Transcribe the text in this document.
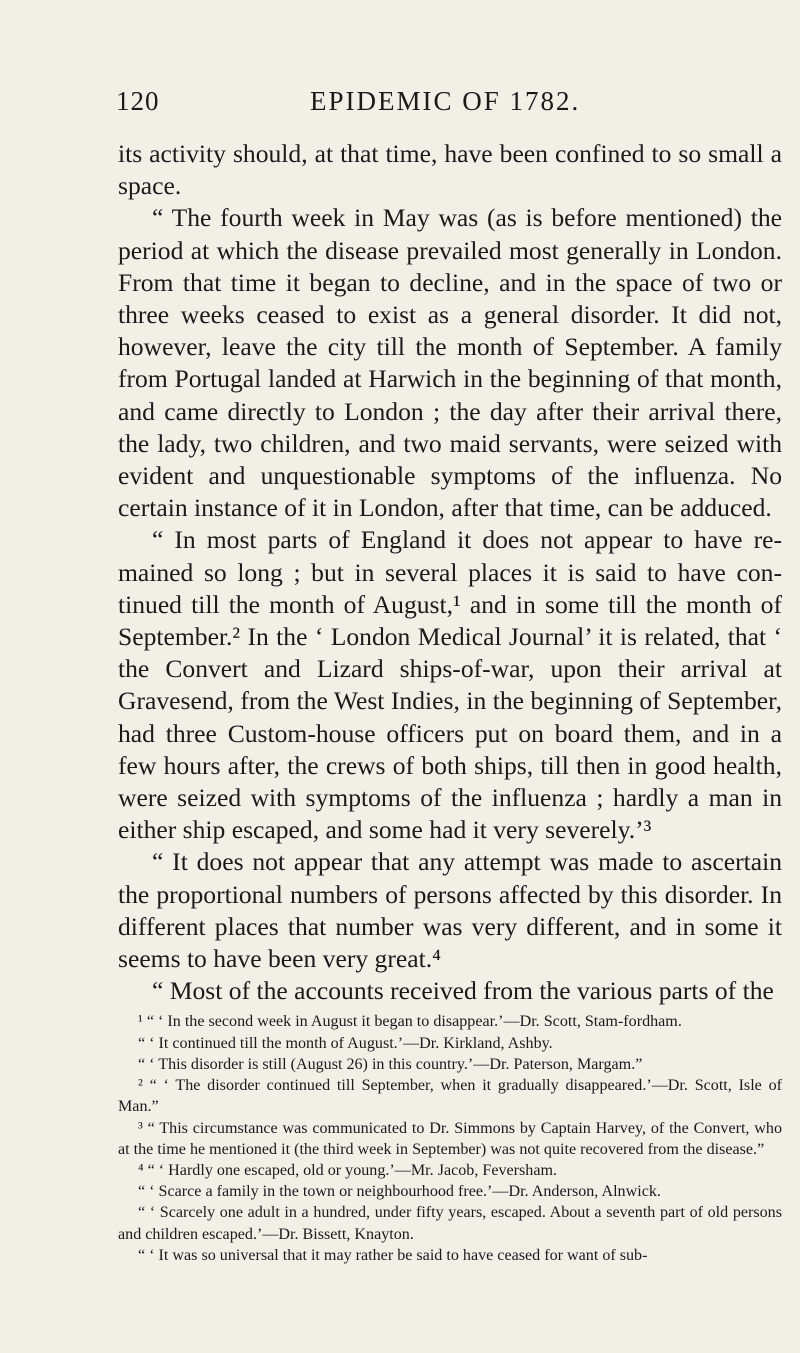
120	EPIDEMIC OF 1782.

its activity should, at that time, have been confined to so small a space.

“ The fourth week in May was (as is before mentioned) the period at which the disease prevailed most generally in London. From that time it began to decline, and in the space of two or three weeks ceased to exist as a general disorder. It did not, however, leave the city till the month of September. A family from Portugal landed at Harwich in the beginning of that month, and came directly to London ; the day after their arrival there, the lady, two children, and two maid servants, were seized with evident and unquestionable symptoms of the influenza. No certain instance of it in London, after that time, can be adduced.

“ In most parts of England it does not appear to have re-mained so long ; but in several places it is said to have con-tinued till the month of August,¹ and in some till the month of September.² In the ‘ London Medical Journal’ it is related, that ‘ the Convert and Lizard ships-of-war, upon their arrival at Gravesend, from the West Indies, in the beginning of September, had three Custom-house officers put on board them, and in a few hours after, the crews of both ships, till then in good health, were seized with symptoms of the influenza ; hardly a man in either ship escaped, and some had it very severely.’³

“ It does not appear that any attempt was made to ascertain the proportional numbers of persons affected by this disorder. In different places that number was very different, and in some it seems to have been very great.⁴

“ Most of the accounts received from the various parts of the

¹ “ ‘ In the second week in August it began to disappear.’—Dr. Scott, Stam-fordham.

“ ‘ It continued till the month of August.’—Dr. Kirkland, Ashby.

“ ‘ This disorder is still (August 26) in this country.’—Dr. Paterson, Margam.”

² “ ‘ The disorder continued till September, when it gradually disappeared.’—Dr. Scott, Isle of Man.”

³ “ This circumstance was communicated to Dr. Simmons by Captain Harvey, of the Convert, who at the time he mentioned it (the third week in September) was not quite recovered from the disease.”

⁴ “ ‘ Hardly one escaped, old or young.’—Mr. Jacob, Feversham.

“ ‘ Scarce a family in the town or neighbourhood free.’—Dr. Anderson, Alnwick.

“ ‘ Scarcely one adult in a hundred, under fifty years, escaped. About a seventh part of old persons and children escaped.’—Dr. Bissett, Knayton.

“ ‘ It was so universal that it may rather be said to have ceased for want of sub-
